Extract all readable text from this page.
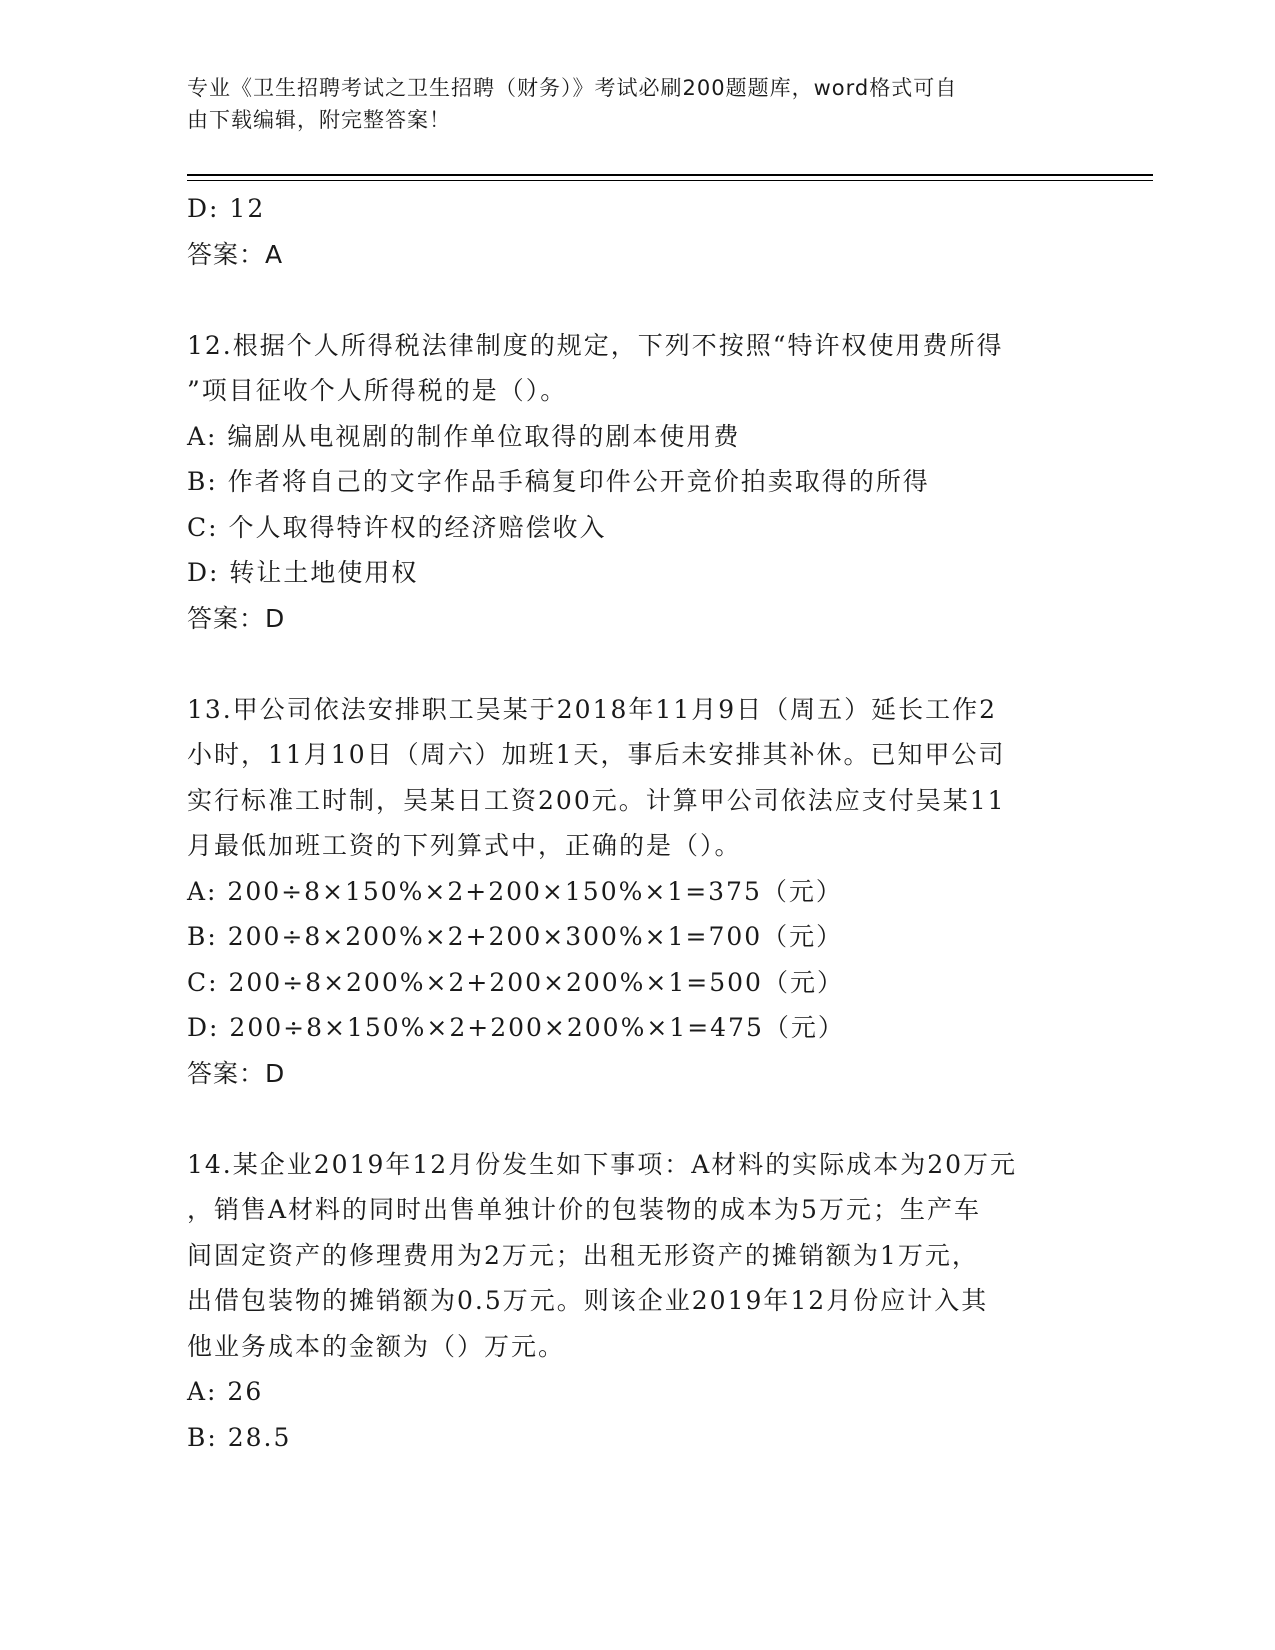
专业《卫生招聘考试之卫生招聘（财务）》考试必刷200题题库，word格式可自
由下载编辑，附完整答案！
D: 12
答案：A
12.根据个人所得税法律制度的规定，下列不按照“特许权使用费所得
”项目征收个人所得税的是（）。
A: 编剧从电视剧的制作单位取得的剧本使用费
B: 作者将自己的文字作品手稿复印件公开竞价拍卖取得的所得
C: 个人取得特许权的经济赔偿收入
D: 转让土地使用权
答案：D
13.甲公司依法安排职工吴某于2018年11月9日（周五）延长工作2
小时，11月10日（周六）加班1天，事后未安排其补休。已知甲公司
实行标准工时制，吴某日工资200元。计算甲公司依法应支付吴某11
月最低加班工资的下列算式中，正确的是（）。
A: 200÷8×150%×2+200×150%×1=375（元）
B: 200÷8×200%×2+200×300%×1=700（元）
C: 200÷8×200%×2+200×200%×1=500（元）
D: 200÷8×150%×2+200×200%×1=475（元）
答案：D
14.某企业2019年12月份发生如下事项：A材料的实际成本为20万元
，销售A材料的同时出售单独计价的包装物的成本为5万元；生产车
间固定资产的修理费用为2万元；出租无形资产的摊销额为1万元，
出借包装物的摊销额为0.5万元。则该企业2019年12月份应计入其
他业务成本的金额为（）万元。
A: 26
B: 28.5
